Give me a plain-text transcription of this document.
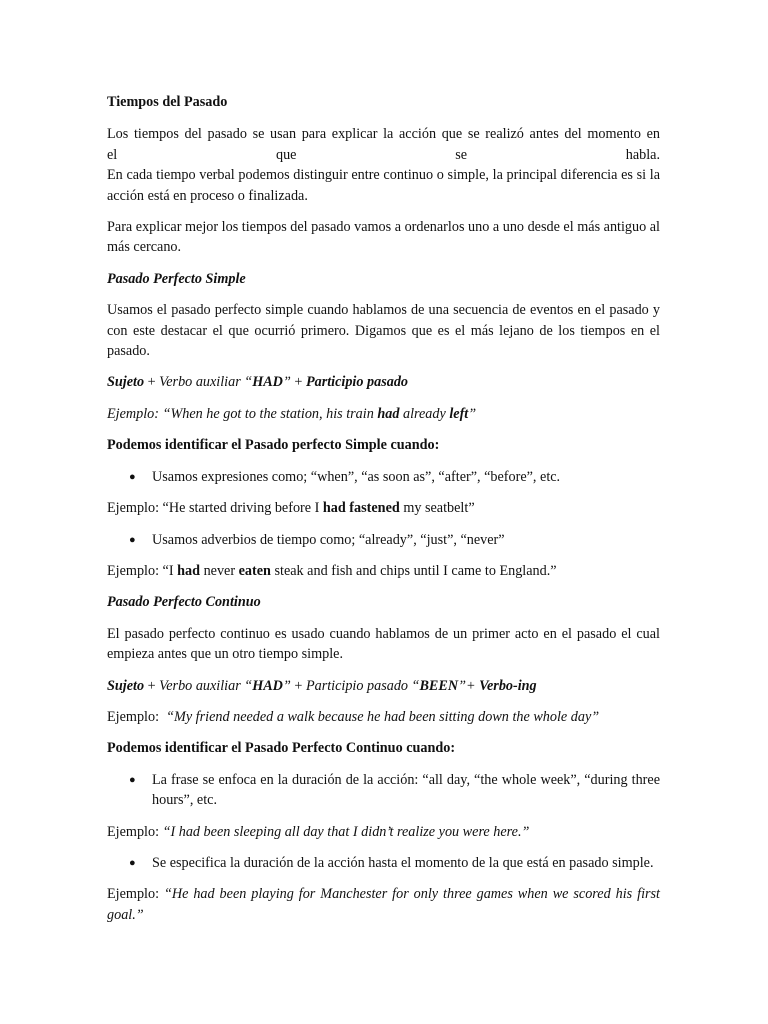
Tiempos del Pasado

Los tiempos del pasado se usan para explicar la acción que se realizó antes del momento en
el	que	se	habla.
En cada tiempo verbal podemos distinguir entre continuo o simple, la principal diferencia es si la acción está en proceso o finalizada.

Para explicar mejor los tiempos del pasado vamos a ordenarlos uno a uno desde el más antiguo al más cercano.

Pasado Perfecto Simple

Usamos el pasado perfecto simple cuando hablamos de una secuencia de eventos en el pasado y con este destacar el que ocurrió primero. Digamos que es el más lejano de los tiempos en el pasado.

Sujeto + Verbo auxiliar “HAD” + Participio pasado

Ejemplo: “When he got to the station, his train had already left”

Podemos identificar el Pasado perfecto Simple cuando:

● Usamos expresiones como; “when”, “as soon as”, “after”, “before”, etc.

Ejemplo: “He started driving before I had fastened my seatbelt”

● Usamos adverbios de tiempo como; “already”, “just”, “never”

Ejemplo: “I had never eaten steak and fish and chips until I came to England.”

Pasado Perfecto Continuo

El pasado perfecto continuo es usado cuando hablamos de un primer acto en el pasado el cual empieza antes que un otro tiempo simple.

Sujeto + Verbo auxiliar “HAD” + Participio pasado “BEEN”+ Verbo-ing

Ejemplo:  “My friend needed a walk because he had been sitting down the whole day”

Podemos identificar el Pasado Perfecto Continuo cuando:

● La frase se enfoca en la duración de la acción: “all day, “the whole week”, “during three hours”, etc.

Ejemplo: “I had been sleeping all day that I didn’t realize you were here.”

● Se especifica la duración de la acción hasta el momento de la que está en pasado simple.

Ejemplo: “He had been playing for Manchester for only three games when we scored his first goal.”
